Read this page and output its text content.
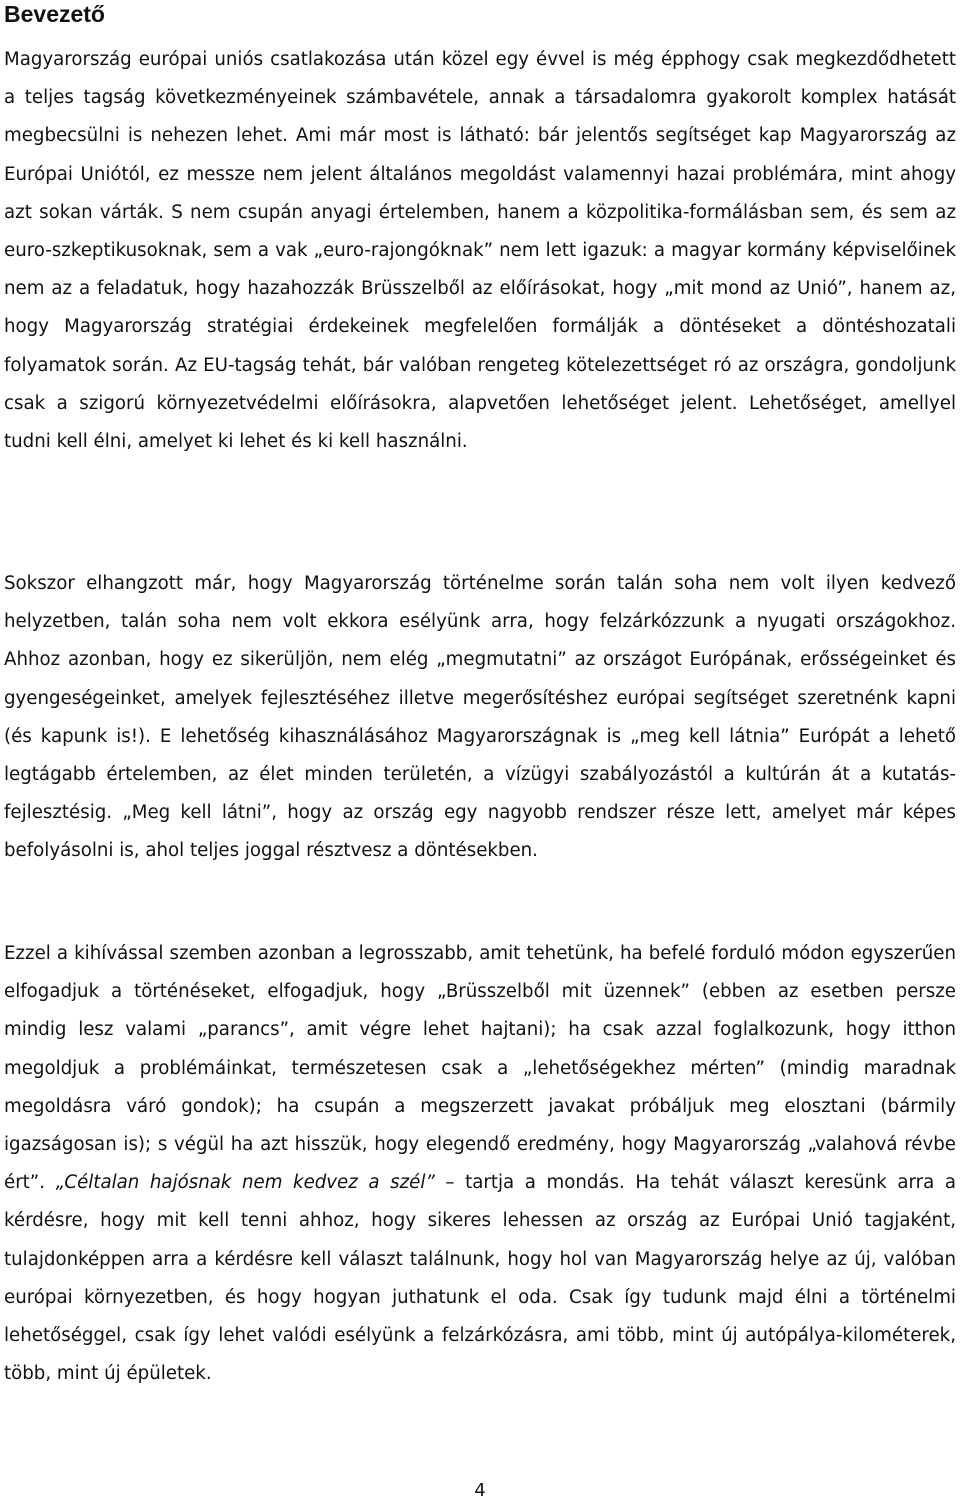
Bevezető

Magyarország európai uniós csatlakozása után közel egy évvel is még épphogy csak megkezdődhetett a teljes tagság következményeinek számbavétele, annak a társadalomra gyakorolt komplex hatását megbecsülni is nehezen lehet. Ami már most is látható: bár jelentős segítséget kap Magyarország az Európai Uniótól, ez messze nem jelent általános megoldást valamennyi hazai problémára, mint ahogy azt sokan várták. S nem csupán anyagi értelemben, hanem a közpolitika-formálásban sem, és sem az euro-szkeptikusoknak, sem a vak „euro-rajongóknak” nem lett igazuk: a magyar kormány képviselőinek nem az a feladatuk, hogy hazahozzák Brüsszelből az előírásokat, hogy „mit mond az Unió”, hanem az, hogy Magyarország stratégiai érdekeinek megfelelően formálják a döntéseket a döntéshozatali folyamatok során. Az EU-tagság tehát, bár valóban rengeteg kötelezettséget ró az országra, gondoljunk csak a szigorú környezetvédelmi előírásokra, alapvetően lehetőséget jelent. Lehetőséget, amellyel tudni kell élni, amelyet ki lehet és ki kell használni.

Sokszor elhangzott már, hogy Magyarország történelme során talán soha nem volt ilyen kedvező helyzetben, talán soha nem volt ekkora esélyünk arra, hogy felzárkózzunk a nyugati országokhoz. Ahhoz azonban, hogy ez sikerüljön, nem elég „megmutatni” az országot Európának, erősségeinket és gyengeségeinket, amelyek fejlesztéséhez illetve megerősítéshez európai segítséget szeretnénk kapni (és kapunk is!). E lehetőség kihasználásához Magyarországnak is „meg kell látnia” Európát a lehető legtágabb értelemben, az élet minden területén, a vízügyi szabályozástól a kultúrán át a kutatás-fejlesztésig. „Meg kell látni”, hogy az ország egy nagyobb rendszer része lett, amelyet már képes befolyásolni is, ahol teljes joggal résztvesz a döntésekben.

Ezzel a kihívással szemben azonban a legrosszabb, amit tehetünk, ha befelé forduló módon egyszerűen elfogadjuk a történéseket, elfogadjuk, hogy „Brüsszelből mit üzennek” (ebben az esetben persze mindig lesz valami „parancs”, amit végre lehet hajtani); ha csak azzal foglalkozunk, hogy itthon megoldjuk a problémáinkat, természetesen csak a „lehetőségekhez mérten” (mindig maradnak megoldásra váró gondok); ha csupán a megszerzett javakat próbáljuk meg elosztani (bármily igazságosan is); s végül ha azt hisszük, hogy elegendő eredmény, hogy Magyarország „valahová révbe ért”. „Céltalan hajósnak nem kedvez a szél” – tartja a mondás. Ha tehát választ keresünk arra a kérdésre, hogy mit kell tenni ahhoz, hogy sikeres lehessen az ország az Európai Unió tagjaként, tulajdonképpen arra a kérdésre kell választ találnunk, hogy hol van Magyarország helye az új, valóban európai környezetben, és hogy hogyan juthatunk el oda. Csak így tudunk majd élni a történelmi lehetőséggel, csak így lehet valódi esélyünk a felzárkózásra, ami több, mint új autópálya-kilométerek, több, mint új épületek.

4
